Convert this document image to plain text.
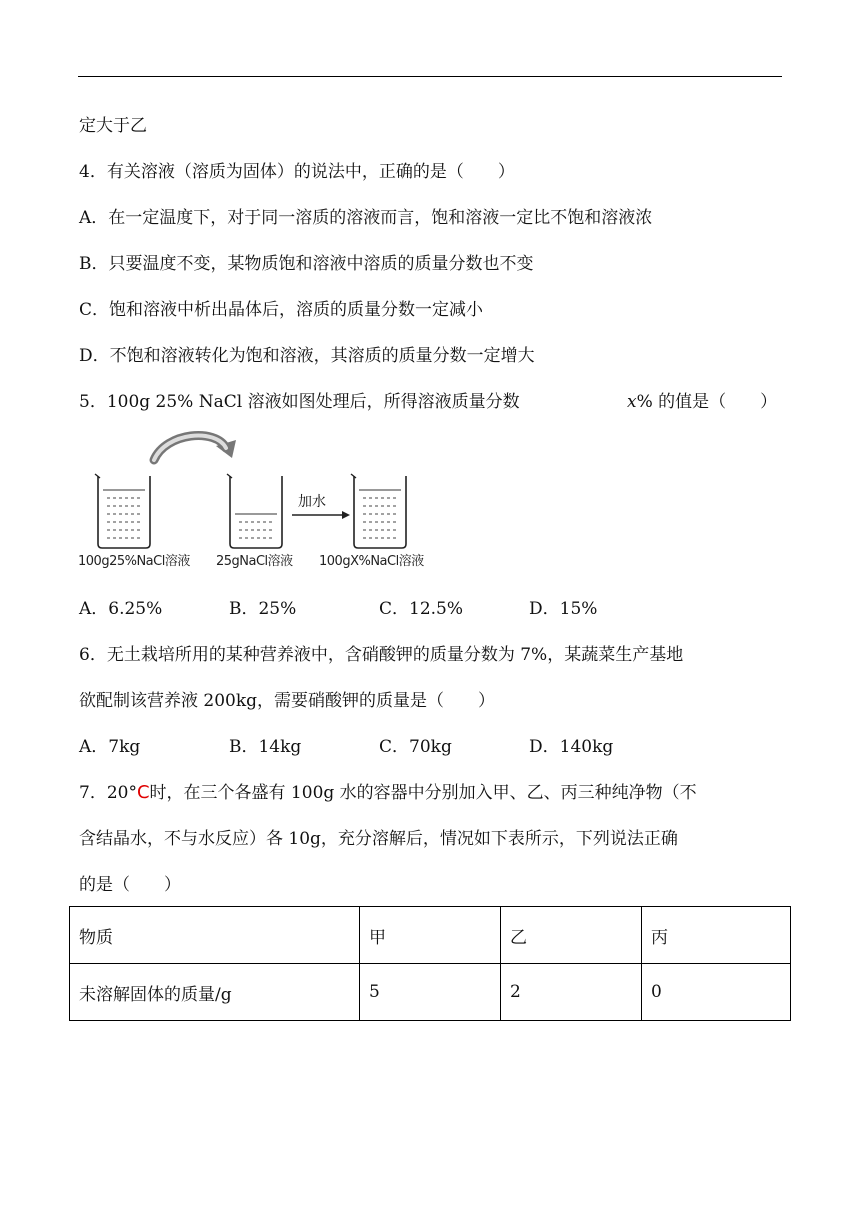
定大于乙
4．有关溶液（溶质为固体）的说法中，正确的是（　　）
A．在一定温度下，对于同一溶质的溶液而言，饱和溶液一定比不饱和溶液浓
B．只要温度不变，某物质饱和溶液中溶质的质量分数也不变
C．饱和溶液中析出晶体后，溶质的质量分数一定减小
D．不饱和溶液转化为饱和溶液，其溶质的质量分数一定增大
5．100g 25% NaCl 溶液如图处理后，所得溶液质量分数	x% 的值是（　　）
加水
100g25%NaCl溶液 25gNaCl溶液 100gX%NaCl溶液
A．6.25%	B．25%	C．12.5%	D．15%
6．无土栽培所用的某种营养液中，含硝酸钾的质量分数为 7%，某蔬菜生产基地
欲配制该营养液 200kg，需要硝酸钾的质量是（　　）
A．7kg	B．14kg	C．70kg	D．140kg
7．20°C时，在三个各盛有 100g 水的容器中分别加入甲、乙、丙三种纯净物（不
含结晶水，不与水反应）各 10g，充分溶解后，情况如下表所示，下列说法正确
的是（　　）
物质	甲	乙	丙
未溶解固体的质量/g	5	2	0
